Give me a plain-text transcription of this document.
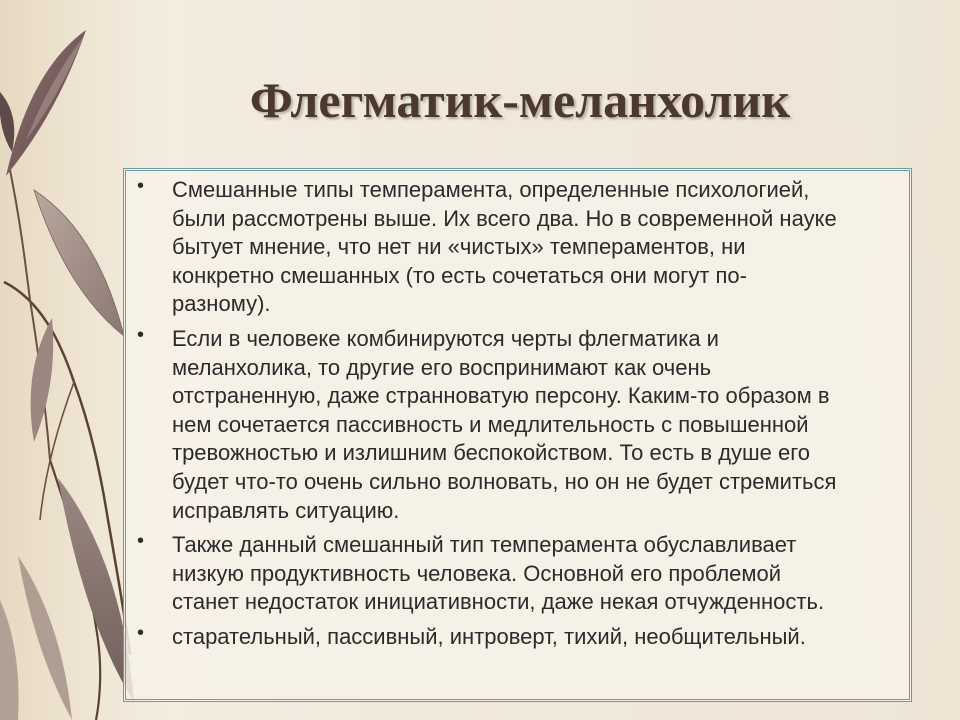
Флегматик-меланхолик
• Смешанные типы темперамента, определенные психологией,
были рассмотрены выше. Их всего два. Но в современной науке
бытует мнение, что нет ни «чистых» темпераментов, ни
конкретно смешанных (то есть сочетаться они могут по-
разному).
• Если в человеке комбинируются черты флегматика и
меланхолика, то другие его воспринимают как очень
отстраненную, даже странноватую персону. Каким-то образом в
нем сочетается пассивность и медлительность с повышенной
тревожностью и излишним беспокойством. То есть в душе его
будет что-то очень сильно волновать, но он не будет стремиться
исправлять ситуацию.
• Также данный смешанный тип темперамента обуславливает
низкую продуктивность человека. Основной его проблемой
станет недостаток инициативности, даже некая отчужденность.
• старательный, пассивный, интроверт, тихий, необщительный.
